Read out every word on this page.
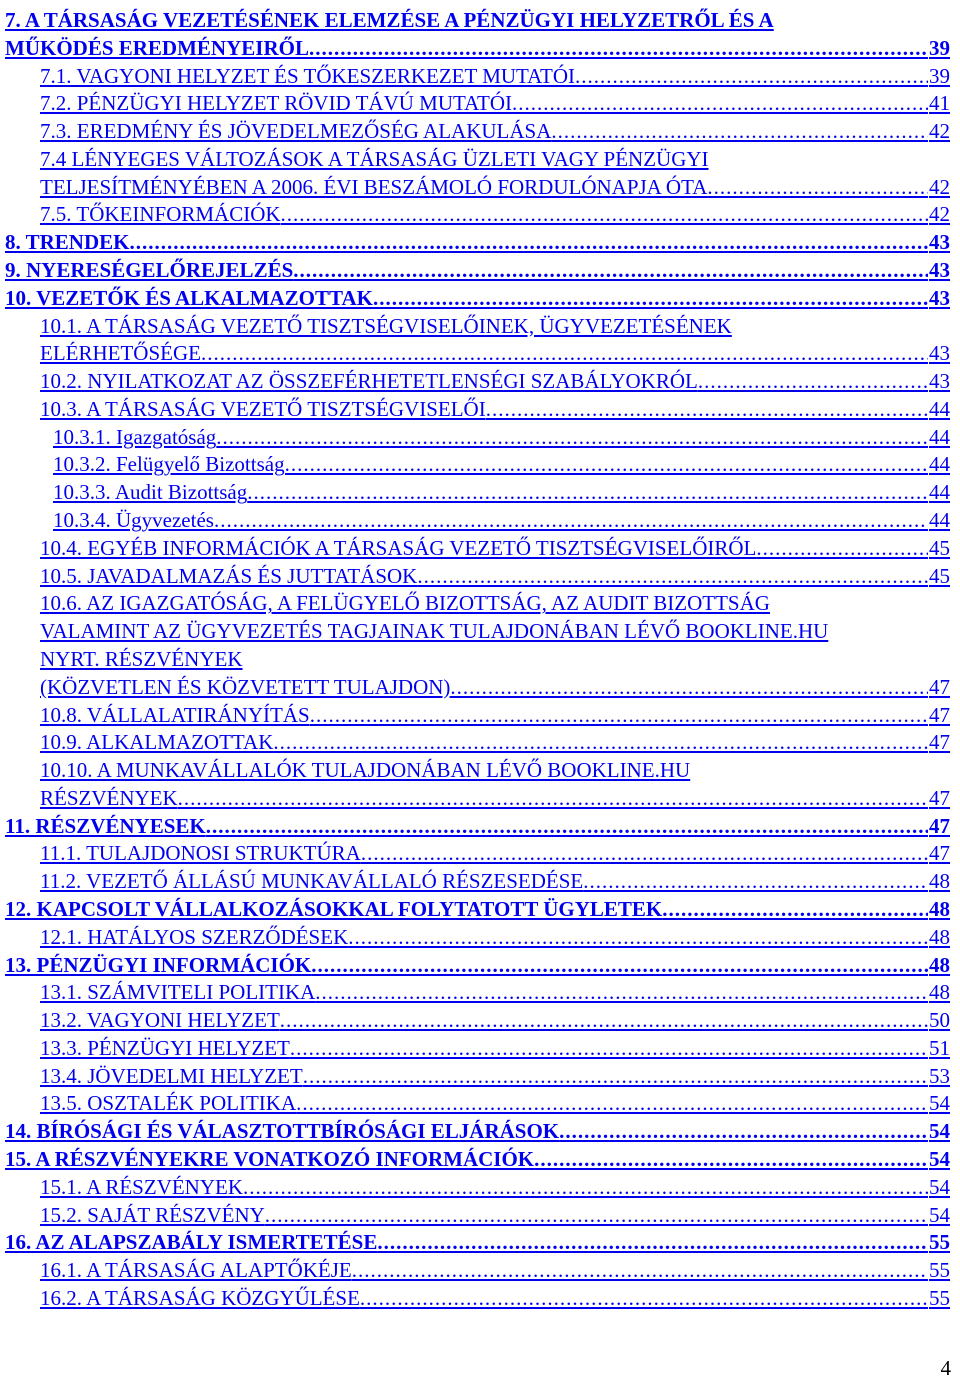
7. A TÁRSASÁG VEZETÉSÉNEK ELEMZÉSE A PÉNZÜGYI HELYZETRŐL ÉS A
MŰKÖDÉS EREDMÉNYEIRŐL .....	39
7.1. VAGYONI HELYZET ÉS TŐKESZERKEZET MUTATÓI .....	39
7.2. PÉNZÜGYI HELYZET RÖVID TÁVÚ MUTATÓI .....	41
7.3. EREDMÉNY ÉS JÖVEDELMEZŐSÉG ALAKULÁSA .....	42
7.4 LÉNYEGES VÁLTOZÁSOK A TÁRSASÁG ÜZLETI VAGY PÉNZÜGYI
TELJESÍTMÉNYÉBEN A 2006. ÉVI BESZÁMOLÓ FORDULÓNAPJA ÓTA .....	42
7.5. TŐKEINFORMÁCIÓK .....	42
8. TRENDEK .....	43
9. NYERESÉGELŐREJELZÉS .....	43
10. VEZETŐK ÉS ALKALMAZOTTAK .....	43
10.1. A TÁRSASÁG VEZETŐ TISZTSÉGVISELŐINEK, ÜGYVEZETÉSÉNEK
ELÉRHETŐSÉGE .....	43
10.2. NYILATKOZAT AZ ÖSSZEFÉRHETETLENSÉGI SZABÁLYOKRÓL .....	43
10.3. A TÁRSASÁG VEZETŐ TISZTSÉGVISELŐI .....	44
10.3.1. Igazgatóság .....	44
10.3.2. Felügyelő Bizottság .....	44
10.3.3. Audit Bizottság .....	44
10.3.4. Ügyvezetés .....	44
10.4. EGYÉB INFORMÁCIÓK A TÁRSASÁG VEZETŐ TISZTSÉGVISELŐIRŐL .....	45
10.5. JAVADALMAZÁS ÉS JUTTATÁSOK .....	45
10.6. AZ IGAZGATÓSÁG, A FELÜGYELŐ BIZOTTSÁG, AZ AUDIT BIZOTTSÁG
VALAMINT AZ ÜGYVEZETÉS TAGJAINAK TULAJDONÁBAN LÉVŐ BOOKLINE.HU
NYRT. RÉSZVÉNYEK
(KÖZVETLEN ÉS KÖZVETETT TULAJDON) .....	47
10.8. VÁLLALATIRÁNYÍTÁS .....	47
10.9. ALKALMAZOTTAK .....	47
10.10. A MUNKAVÁLLALÓK TULAJDONÁBAN LÉVŐ BOOKLINE.HU
RÉSZVÉNYEK .....	47
11. RÉSZVÉNYESEK .....	47
11.1. TULAJDONOSI STRUKTÚRA .....	47
11.2. VEZETŐ ÁLLÁSÚ MUNKAVÁLLALÓ RÉSZESEDÉSE .....	48
12. KAPCSOLT VÁLLALKOZÁSOKKAL FOLYTATOTT ÜGYLETEK .....	48
12.1. HATÁLYOS SZERZŐDÉSEK .....	48
13. PÉNZÜGYI INFORMÁCIÓK .....	48
13.1. SZÁMVITELI POLITIKA .....	48
13.2. VAGYONI HELYZET .....	50
13.3. PÉNZÜGYI HELYZET .....	51
13.4. JÖVEDELMI HELYZET .....	53
13.5. OSZTALÉK POLITIKA .....	54
14. BÍRÓSÁGI ÉS VÁLASZTOTTBÍRÓSÁGI ELJÁRÁSOK .....	54
15. A RÉSZVÉNYEKRE VONATKOZÓ INFORMÁCIÓK .....	54
15.1. A RÉSZVÉNYEK .....	54
15.2. SAJÁT RÉSZVÉNY .....	54
16. AZ ALAPSZABÁLY ISMERTETÉSE .....	55
16.1. A TÁRSASÁG ALAPTŐKÉJE .....	55
16.2. A TÁRSASÁG KÖZGYŰLÉSE .....	55
4
